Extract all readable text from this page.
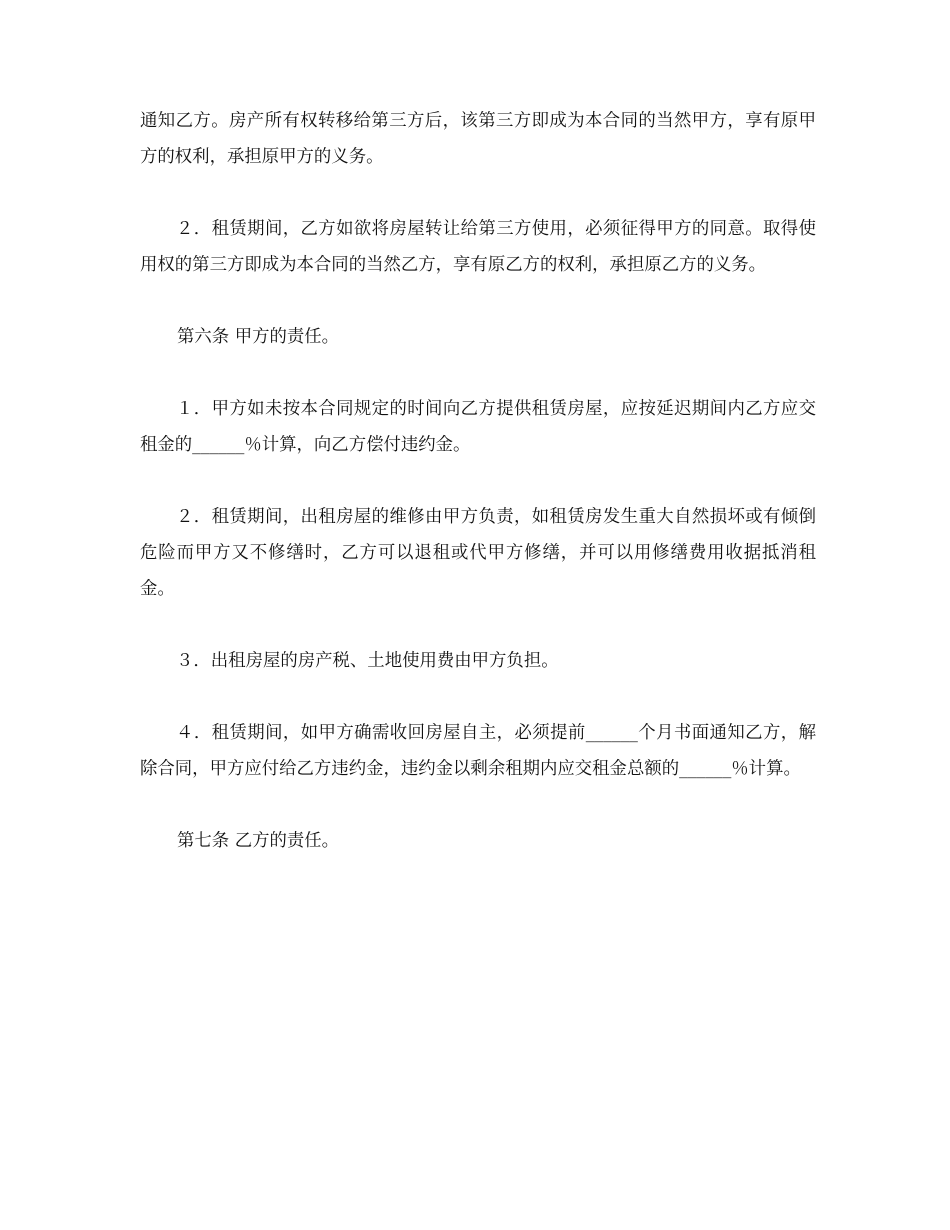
通知乙方。房产所有权转移给第三方后，该第三方即成为本合同的当然甲方，享有原甲方的权利，承担原甲方的义务。

２．租赁期间，乙方如欲将房屋转让给第三方使用，必须征得甲方的同意。取得使用权的第三方即成为本合同的当然乙方，享有原乙方的权利，承担原乙方的义务。

第六条 甲方的责任。

１．甲方如未按本合同规定的时间向乙方提供租赁房屋，应按延迟期间内乙方应交租金的______％计算，向乙方偿付违约金。

２．租赁期间，出租房屋的维修由甲方负责，如租赁房发生重大自然损坏或有倾倒危险而甲方又不修缮时，乙方可以退租或代甲方修缮，并可以用修缮费用收据抵消租金。

３．出租房屋的房产税、土地使用费由甲方负担。

４．租赁期间，如甲方确需收回房屋自主，必须提前______个月书面通知乙方，解除合同，甲方应付给乙方违约金，违约金以剩余租期内应交租金总额的______％计算。

第七条 乙方的责任。
